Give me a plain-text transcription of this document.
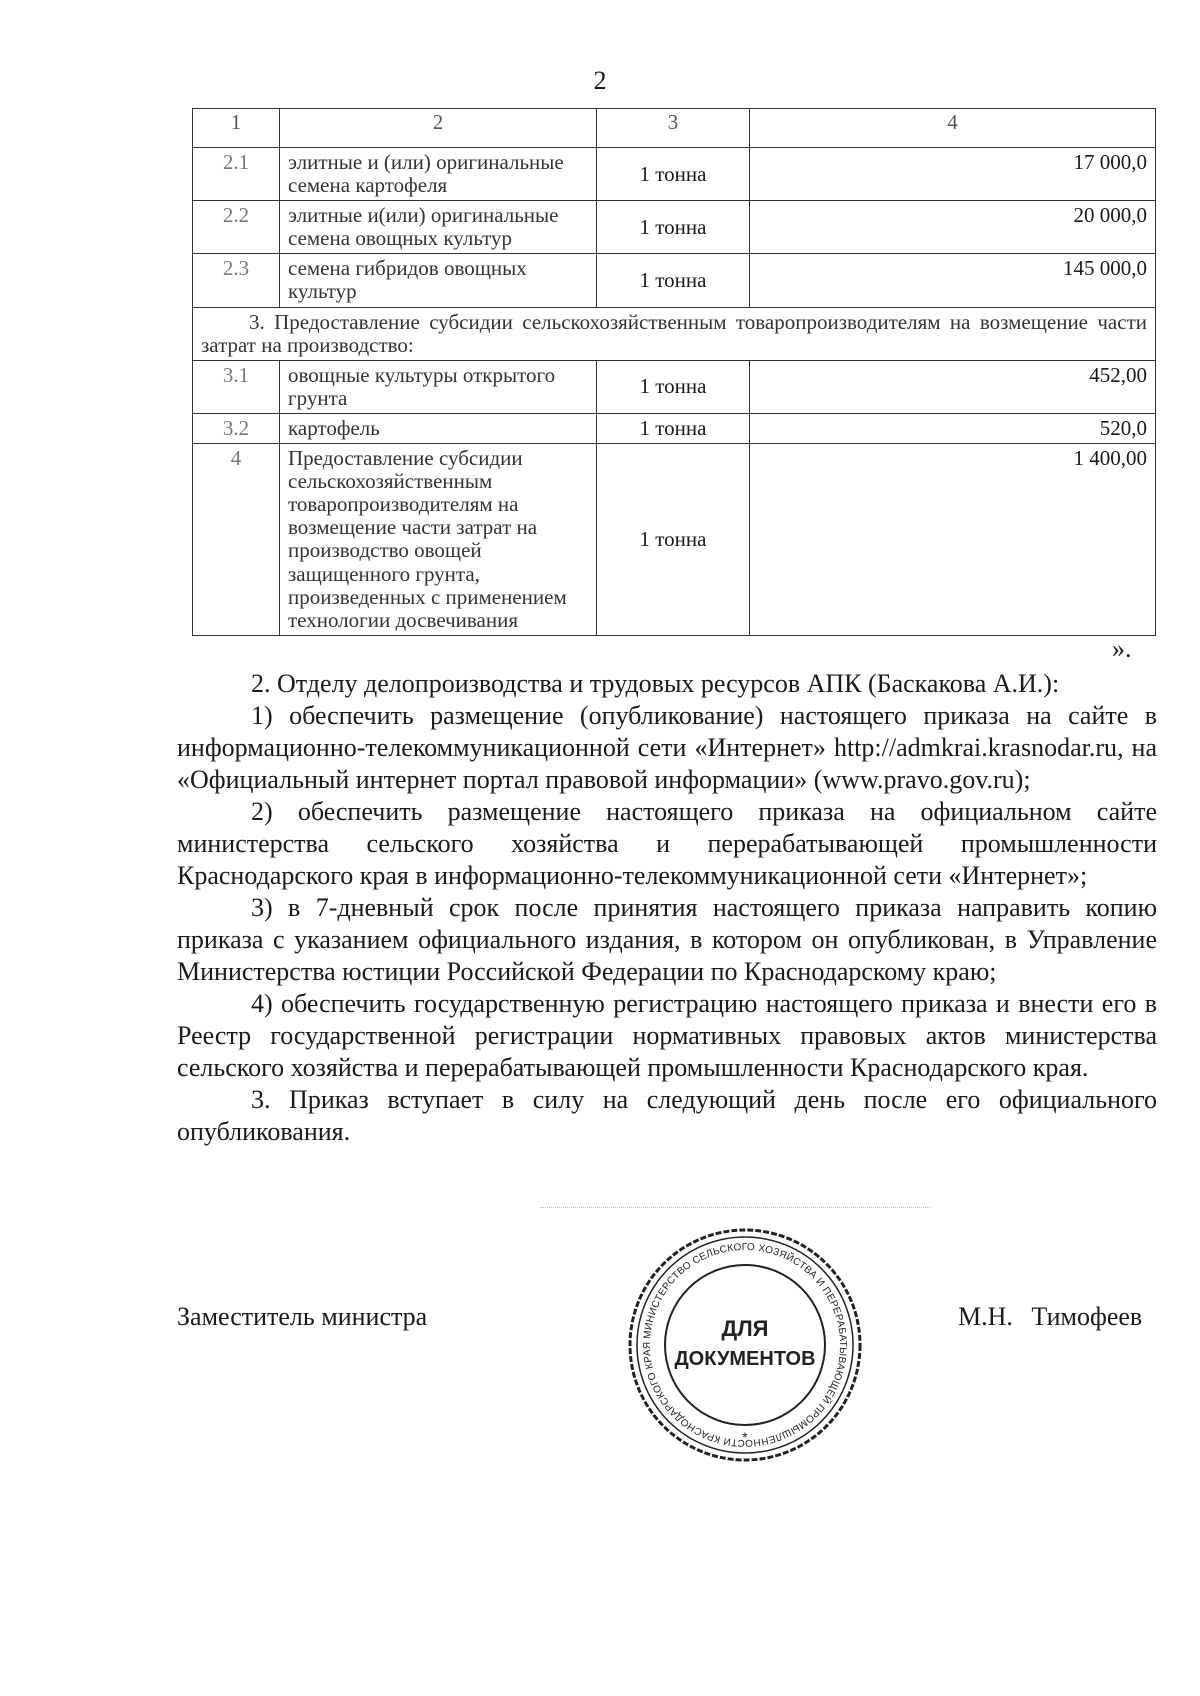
2
1	2	3	4
2.1	элитные и (или) оригинальные семена картофеля	1 тонна	17 000,0
2.2	элитные и(или) оригинальные семена овощных культур	1 тонна	20 000,0
2.3	семена гибридов овощных культур	1 тонна	145 000,0
3. Предоставление субсидии сельскохозяйственным товаропроизводителям на возмещение части затрат на производство:			
3.1	овощные культуры открытого грунта	1 тонна	452,00
3.2	картофель	1 тонна	520,0
4	Предоставление субсидии сельскохозяйственным товаропроизводителям на возмещение части затрат на производство овощей защищенного грунта, произведенных с применением технологии досвечивания	1 тонна	1 400,00
».

2. Отделу делопроизводства и трудовых ресурсов АПК (Баскакова А.И.):

1) обеспечить размещение (опубликование) настоящего приказа на сайте в информационно-телекоммуникационной сети «Интернет» http://admkrai.krasnodar.ru, на «Официальный интернет портал правовой информации» (www.pravo.gov.ru);

2) обеспечить размещение настоящего приказа на официальном сайте министерства сельского хозяйства и перерабатывающей промышленности Краснодарского края в информационно-телекоммуникационной сети «Интернет»;

3) в 7-дневный срок после принятия настоящего приказа направить копию приказа с указанием официального издания, в котором он опубликован, в Управление Министерства юстиции Российской Федерации по Краснодарскому краю;

4) обеспечить государственную регистрацию настоящего приказа и внести его в Реестр государственной регистрации нормативных правовых актов министерства сельского хозяйства и перерабатывающей промышленности Краснодарского края.

3. Приказ вступает в силу на следующий день после его официального опубликования.

Заместитель министра	М.Н. Тимофеев
МИНИСТЕРСТВО СЕЛЬСКОГО ХОЗЯЙСТВА И ПЕРЕРАБАТЫВАЮЩЕЙ ПРОМЫШЛЕННОСТИ КРАСНОДАРСКОГО КРАЯ
ДЛЯ
ДОКУМЕНТОВ
*
